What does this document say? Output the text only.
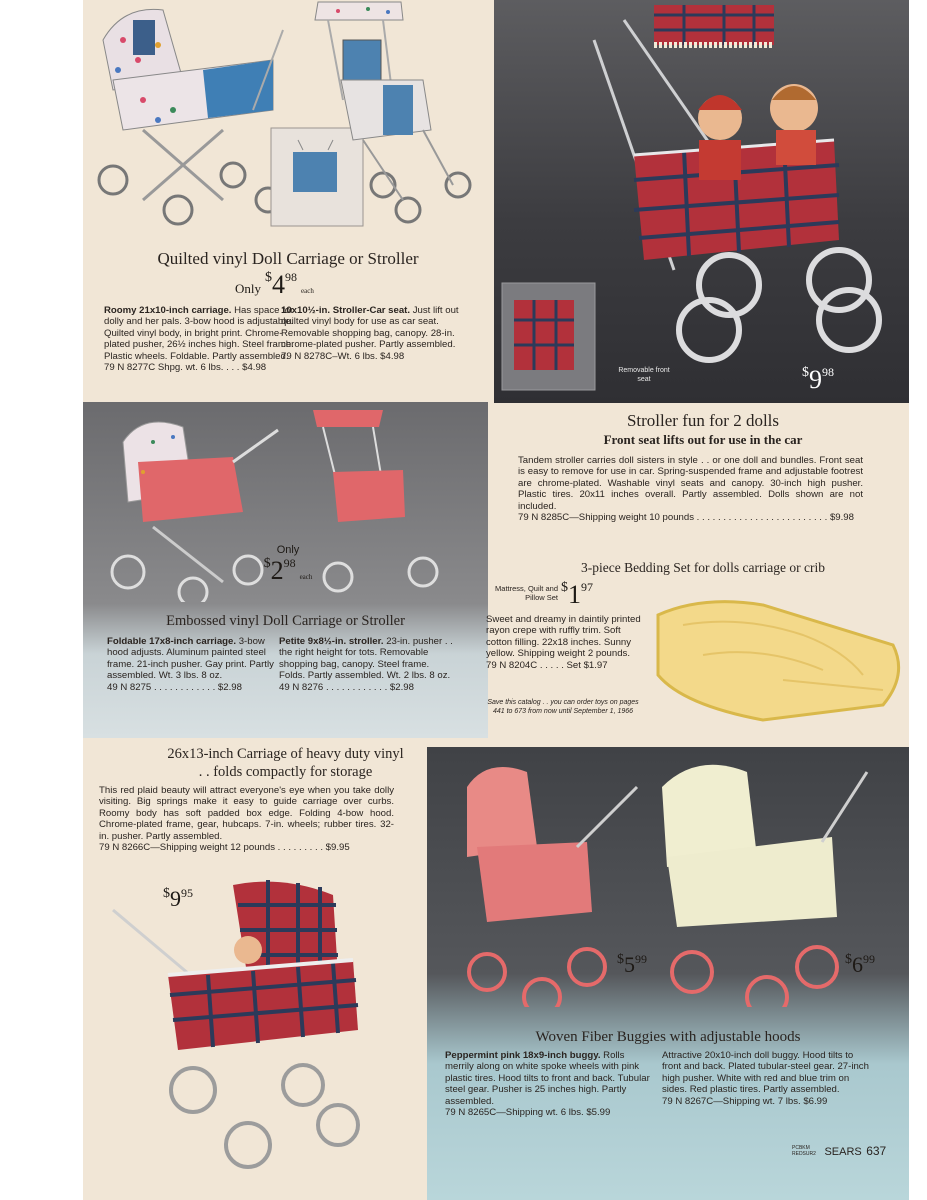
Quilted vinyl Doll Carriage or Stroller
Only $\$4^{98}$ each
Roomy 21x10-inch carriage. Has space for dolly and her pals. 3-bow hood is adjustable. Quilted vinyl body, in bright print. Chrome-plated pusher, 26½ inches high. Steel frame. Plastic wheels. Foldable. Partly assembled.
79 N 8277C Shpg. wt. 6 lbs. . . . $4.98
10x10½-in. Stroller-Car seat. Just lift out quilted vinyl body for use as car seat. Removable shopping bag, canopy. 28-in. chrome-plated pusher. Partly assembled.
79 N 8278C–Wt. 6 lbs. $4.98
Removable front seat	$\$9^{98}$
Stroller fun for 2 dolls
Front seat lifts out for use in the car
Tandem stroller carries doll sisters in style . . or one doll and bundles. Front seat is easy to remove for use in car. Spring-suspended frame and adjustable footrest are chrome-plated. Washable vinyl seats and canopy. 30-inch high pusher. Plastic tires. 20x11 inches overall. Partly assembled. Dolls shown are not included.
79 N 8285C—Shipping weight 10 pounds . . . . . . . . . . . . . . . . . . . . . . . . . $9.98
Only
$\$2^{98}$ each
Embossed vinyl Doll Carriage or Stroller
Foldable 17x8-inch carriage. 3-bow hood adjusts. Aluminum painted steel frame. 21-inch pusher. Gay print. Partly assembled. Wt. 3 lbs. 8 oz.
49 N 8275 . . . . . . . . . . . . $2.98
Petite 9x8½-in. stroller. 23-in. pusher . . the right height for tots. Removable shopping bag, canopy. Steel frame. Folds. Partly assembled. Wt. 2 lbs. 8 oz.
49 N 8276 . . . . . . . . . . . . $2.98
3-piece Bedding Set for dolls carriage or crib
Mattress, Quilt and Pillow Set
$\$1^{97}$
Sweet and dreamy in daintily printed rayon crepe with ruffly trim. Soft cotton filling. 22x18 inches. Sunny yellow. Shipping weight 2 pounds.
79 N 8204C . . . . . Set $1.97
Save this catalog . . you can order toys on pages 441 to 673 from now until September 1, 1966
26x13-inch Carriage of heavy duty vinyl
. . folds compactly for storage
This red plaid beauty will attract everyone's eye when you take dolly visiting. Big springs make it easy to guide carriage over curbs. Roomy body has soft padded box edge. Folding 4-bow hood. Chrome-plated frame, gear, hubcaps. 7-in. wheels; rubber tires. 32-in. pusher. Partly assembled.
79 N 8266C—Shipping weight 12 pounds . . . . . . . . . $9.95
$\$9^{95}$
$\$5^{99}$	$\$6^{99}$
Woven Fiber Buggies with adjustable hoods
Peppermint pink 18x9-inch buggy. Rolls merrily along on white spoke wheels with pink plastic tires. Hood tilts to front and back. Tubular steel gear. Pusher is 25 inches high. Partly assembled.
79 N 8265C—Shipping wt. 6 lbs. $5.99
Attractive 20x10-inch doll buggy. Hood tilts to front and back. Plated tubular-steel gear. 27-inch high pusher. White with red and blue trim on sides. Red plastic tires. Partly assembled.
79 N 8267C—Shipping wt. 7 lbs. $6.99
PCBKM REDSUR2 SEARS 637
